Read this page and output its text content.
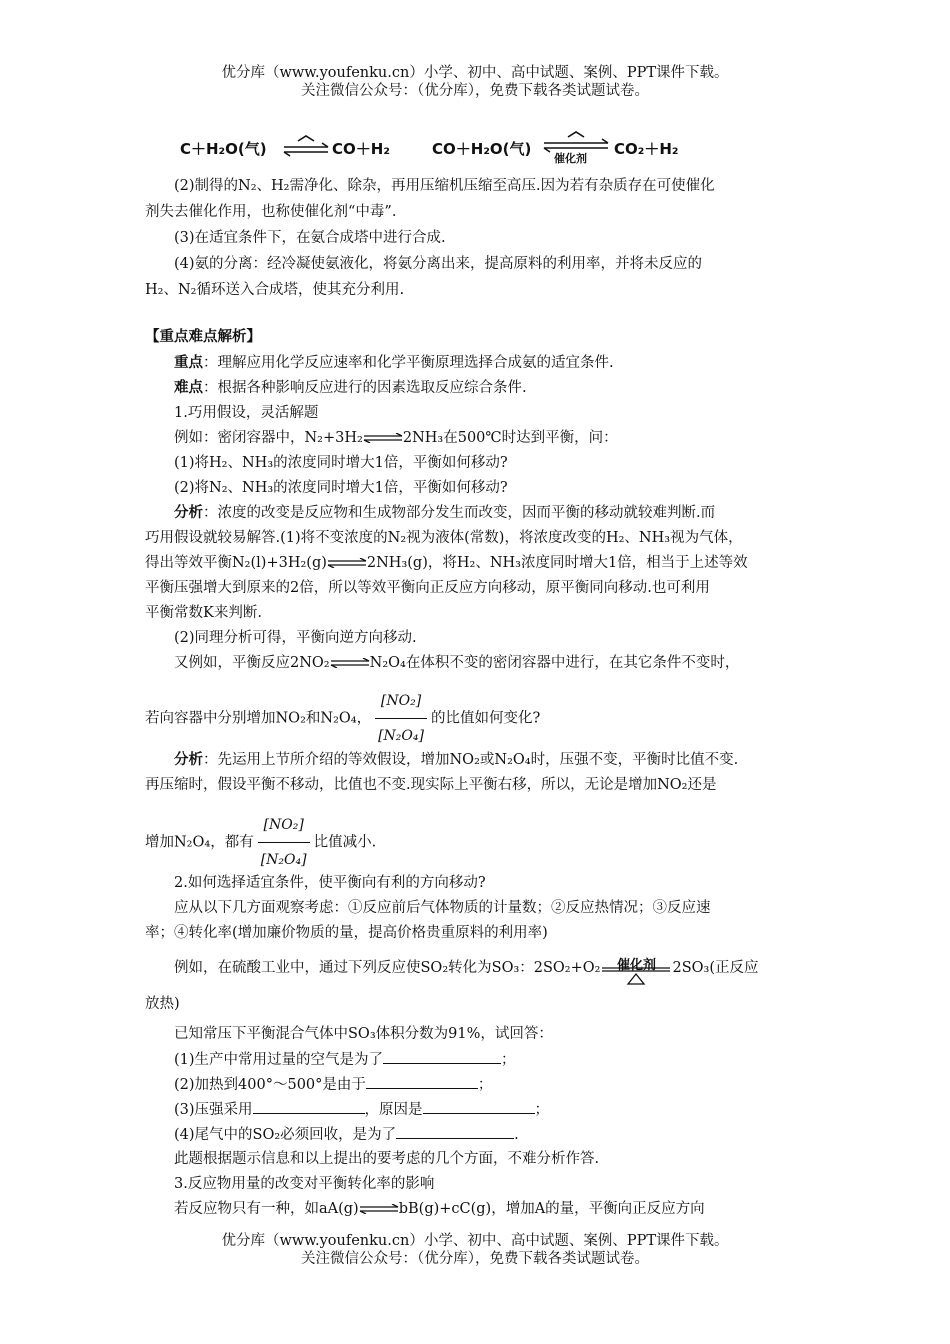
优分库（www.youfenku.cn）小学、初中、高中试题、案例、PPT课件下载。
关注微信公众号：（优分库），免费下载各类试题试卷。
C＋H₂O(气)	CO＋H₂	CO＋H₂O(气)
催化剂
CO₂＋H₂
(2)制得的N₂、H₂需净化、除杂，再用压缩机压缩至高压.因为若有杂质存在可使催化
剂失去催化作用，也称使催化剂“中毒”.
(3)在适宜条件下，在氨合成塔中进行合成.
(4)氨的分离：经冷凝使氨液化，将氨分离出来，提高原料的利用率，并将未反应的
H₂、N₂循环送入合成塔，使其充分利用.
【重点难点解析】
重点：理解应用化学反应速率和化学平衡原理选择合成氨的适宜条件.
难点：根据各种影响反应进行的因素选取反应综合条件.
1.巧用假设，灵活解题
例如：密闭容器中，N₂+3H₂⇌2NH₃在500℃时达到平衡，问：
(1)将H₂、NH₃的浓度同时增大1倍，平衡如何移动?
(2)将N₂、NH₃的浓度同时增大1倍，平衡如何移动?
分析：浓度的改变是反应物和生成物部分发生而改变，因而平衡的移动就较难判断.而
巧用假设就较易解答.(1)将不变浓度的N₂视为液体(常数)，将浓度改变的H₂、NH₃视为气体，
得出等效平衡N₂(l)+3H₂(g)⇌2NH₃(g)，将H₂、NH₃浓度同时增大1倍，相当于上述等效
平衡压强增大到原来的2倍，所以等效平衡向正反应方向移动，原平衡同向移动.也可利用
平衡常数K来判断.
(2)同理分析可得，平衡向逆方向移动.
又例如，平衡反应2NO₂⇌N₂O₄在体积不变的密闭容器中进行，在其它条件不变时，
若向容器中分别增加NO₂和N₂O₄， $\frac{\text{[NO₂]}}{\text{[N₂O₄]}}$ 的比值如何变化?
分析：先运用上节所介绍的等效假设，增加NO₂或N₂O₄时，压强不变，平衡时比值不变.
再压缩时，假设平衡不移动，比值也不变.现实际上平衡右移，所以，无论是增加NO₂还是
增加N₂O₄，都有 $\frac{\text{[NO₂]}}{\text{[N₂O₄]}}$ 比值减小.
2.如何选择适宜条件，使平衡向有利的方向移动?
应从以下几方面观察考虑：①反应前后气体物质的计量数；②反应热情况；③反应速
率；④转化率(增加廉价物质的量，提高价格贵重原料的利用率)
例如，在硫酸工业中，通过下列反应使SO₂转化为SO₃：2SO₂+O₂	催化剂	2SO₃(正反应
放热)
已知常压下平衡混合气体中SO₃体积分数为91%，试回答：
(1)生产中常用过量的空气是为了	；
(2)加热到400°～500°是由于	；
(3)压强采用	，原因是	；
(4)尾气中的SO₂必须回收，是为了	.
此题根据题示信息和以上提出的要考虑的几个方面，不难分析作答.
3.反应物用量的改变对平衡转化率的影响
若反应物只有一种，如aA(g)⇌bB(g)+cC(g)，增加A的量，平衡向正反应方向
优分库（www.youfenku.cn）小学、初中、高中试题、案例、PPT课件下载。
关注微信公众号：（优分库），免费下载各类试题试卷。
